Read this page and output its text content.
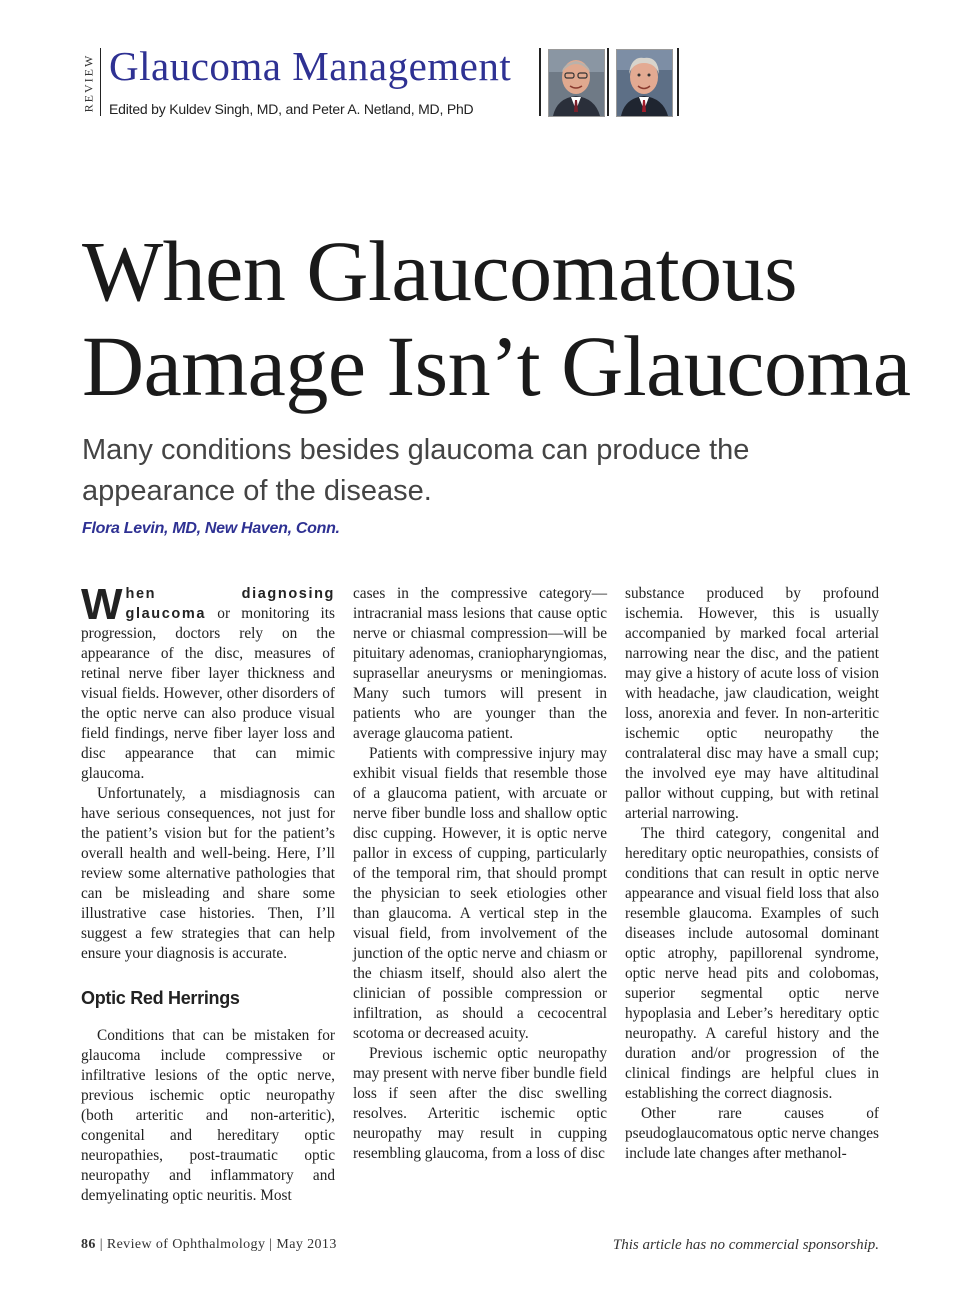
REVIEW Glaucoma Management
Edited by Kuldev Singh, MD, and Peter A. Netland, MD, PhD
When Glaucomatous
Damage Isn’t Glaucoma
Many conditions besides glaucoma can produce the appearance of the disease.
Flora Levin, MD, New Haven, Conn.

When diagnosing glaucoma or monitoring its progression, doctors rely on the appearance of the disc, measures of retinal nerve fiber layer thickness and visual fields. However, other disorders of the optic nerve can also produce visual field findings, nerve fiber layer loss and disc appearance that can mimic glaucoma.

Unfortunately, a misdiagnosis can have serious consequences, not just for the patient’s vision but for the patient’s overall health and well-being. Here, I’ll review some alternative pathologies that can be misleading and share some illustrative case histories. Then, I’ll suggest a few strategies that can help ensure your diagnosis is accurate.

Optic Red Herrings

Conditions that can be mistaken for glaucoma include compressive or infiltrative lesions of the optic nerve, previous ischemic optic neuropathy (both arteritic and non-arteritic), congenital and hereditary optic neuropathies, post-traumatic optic neuropathy and inflammatory and demyelinating optic neuritis. Most

cases in the compressive category—intracranial mass lesions that cause optic nerve or chiasmal compression—will be pituitary adenomas, craniopharyngiomas, suprasellar aneurysms or meningiomas. Many such tumors will present in patients who are younger than the average glaucoma patient.

Patients with compressive injury may exhibit visual fields that resemble those of a glaucoma patient, with arcuate or nerve fiber bundle loss and shallow optic disc cupping. However, it is optic nerve pallor in excess of cupping, particularly of the temporal rim, that should prompt the physician to seek etiologies other than glaucoma. A vertical step in the visual field, from involvement of the junction of the optic nerve and chiasm or the chiasm itself, should also alert the clinician of possible compression or infiltration, as should a cecocentral scotoma or decreased acuity.

Previous ischemic optic neuropathy may present with nerve fiber bundle field loss if seen after the disc swelling resolves. Arteritic ischemic optic neuropathy may result in cupping resembling glaucoma, from a loss of disc

substance produced by profound ischemia. However, this is usually accompanied by marked focal arterial narrowing near the disc, and the patient may give a history of acute loss of vision with headache, jaw claudication, weight loss, anorexia and fever. In non-arteritic ischemic optic neuropathy the contralateral disc may have a small cup; the involved eye may have altitudinal pallor without cupping, but with retinal arterial narrowing.

The third category, congenital and hereditary optic neuropathies, consists of conditions that can result in optic nerve appearance and visual field loss that also resemble glaucoma. Examples of such diseases include autosomal dominant optic atrophy, papillorenal syndrome, optic nerve head pits and colobomas, superior segmental optic nerve hypoplasia and Leber’s hereditary optic neuropathy. A careful history and the duration and/or progression of the clinical findings are helpful clues in establishing the correct diagnosis.

Other rare causes of pseudoglaucomatous optic nerve changes include late changes after methanol-

86 | Review of Ophthalmology | May 2013	This article has no commercial sponsorship.
